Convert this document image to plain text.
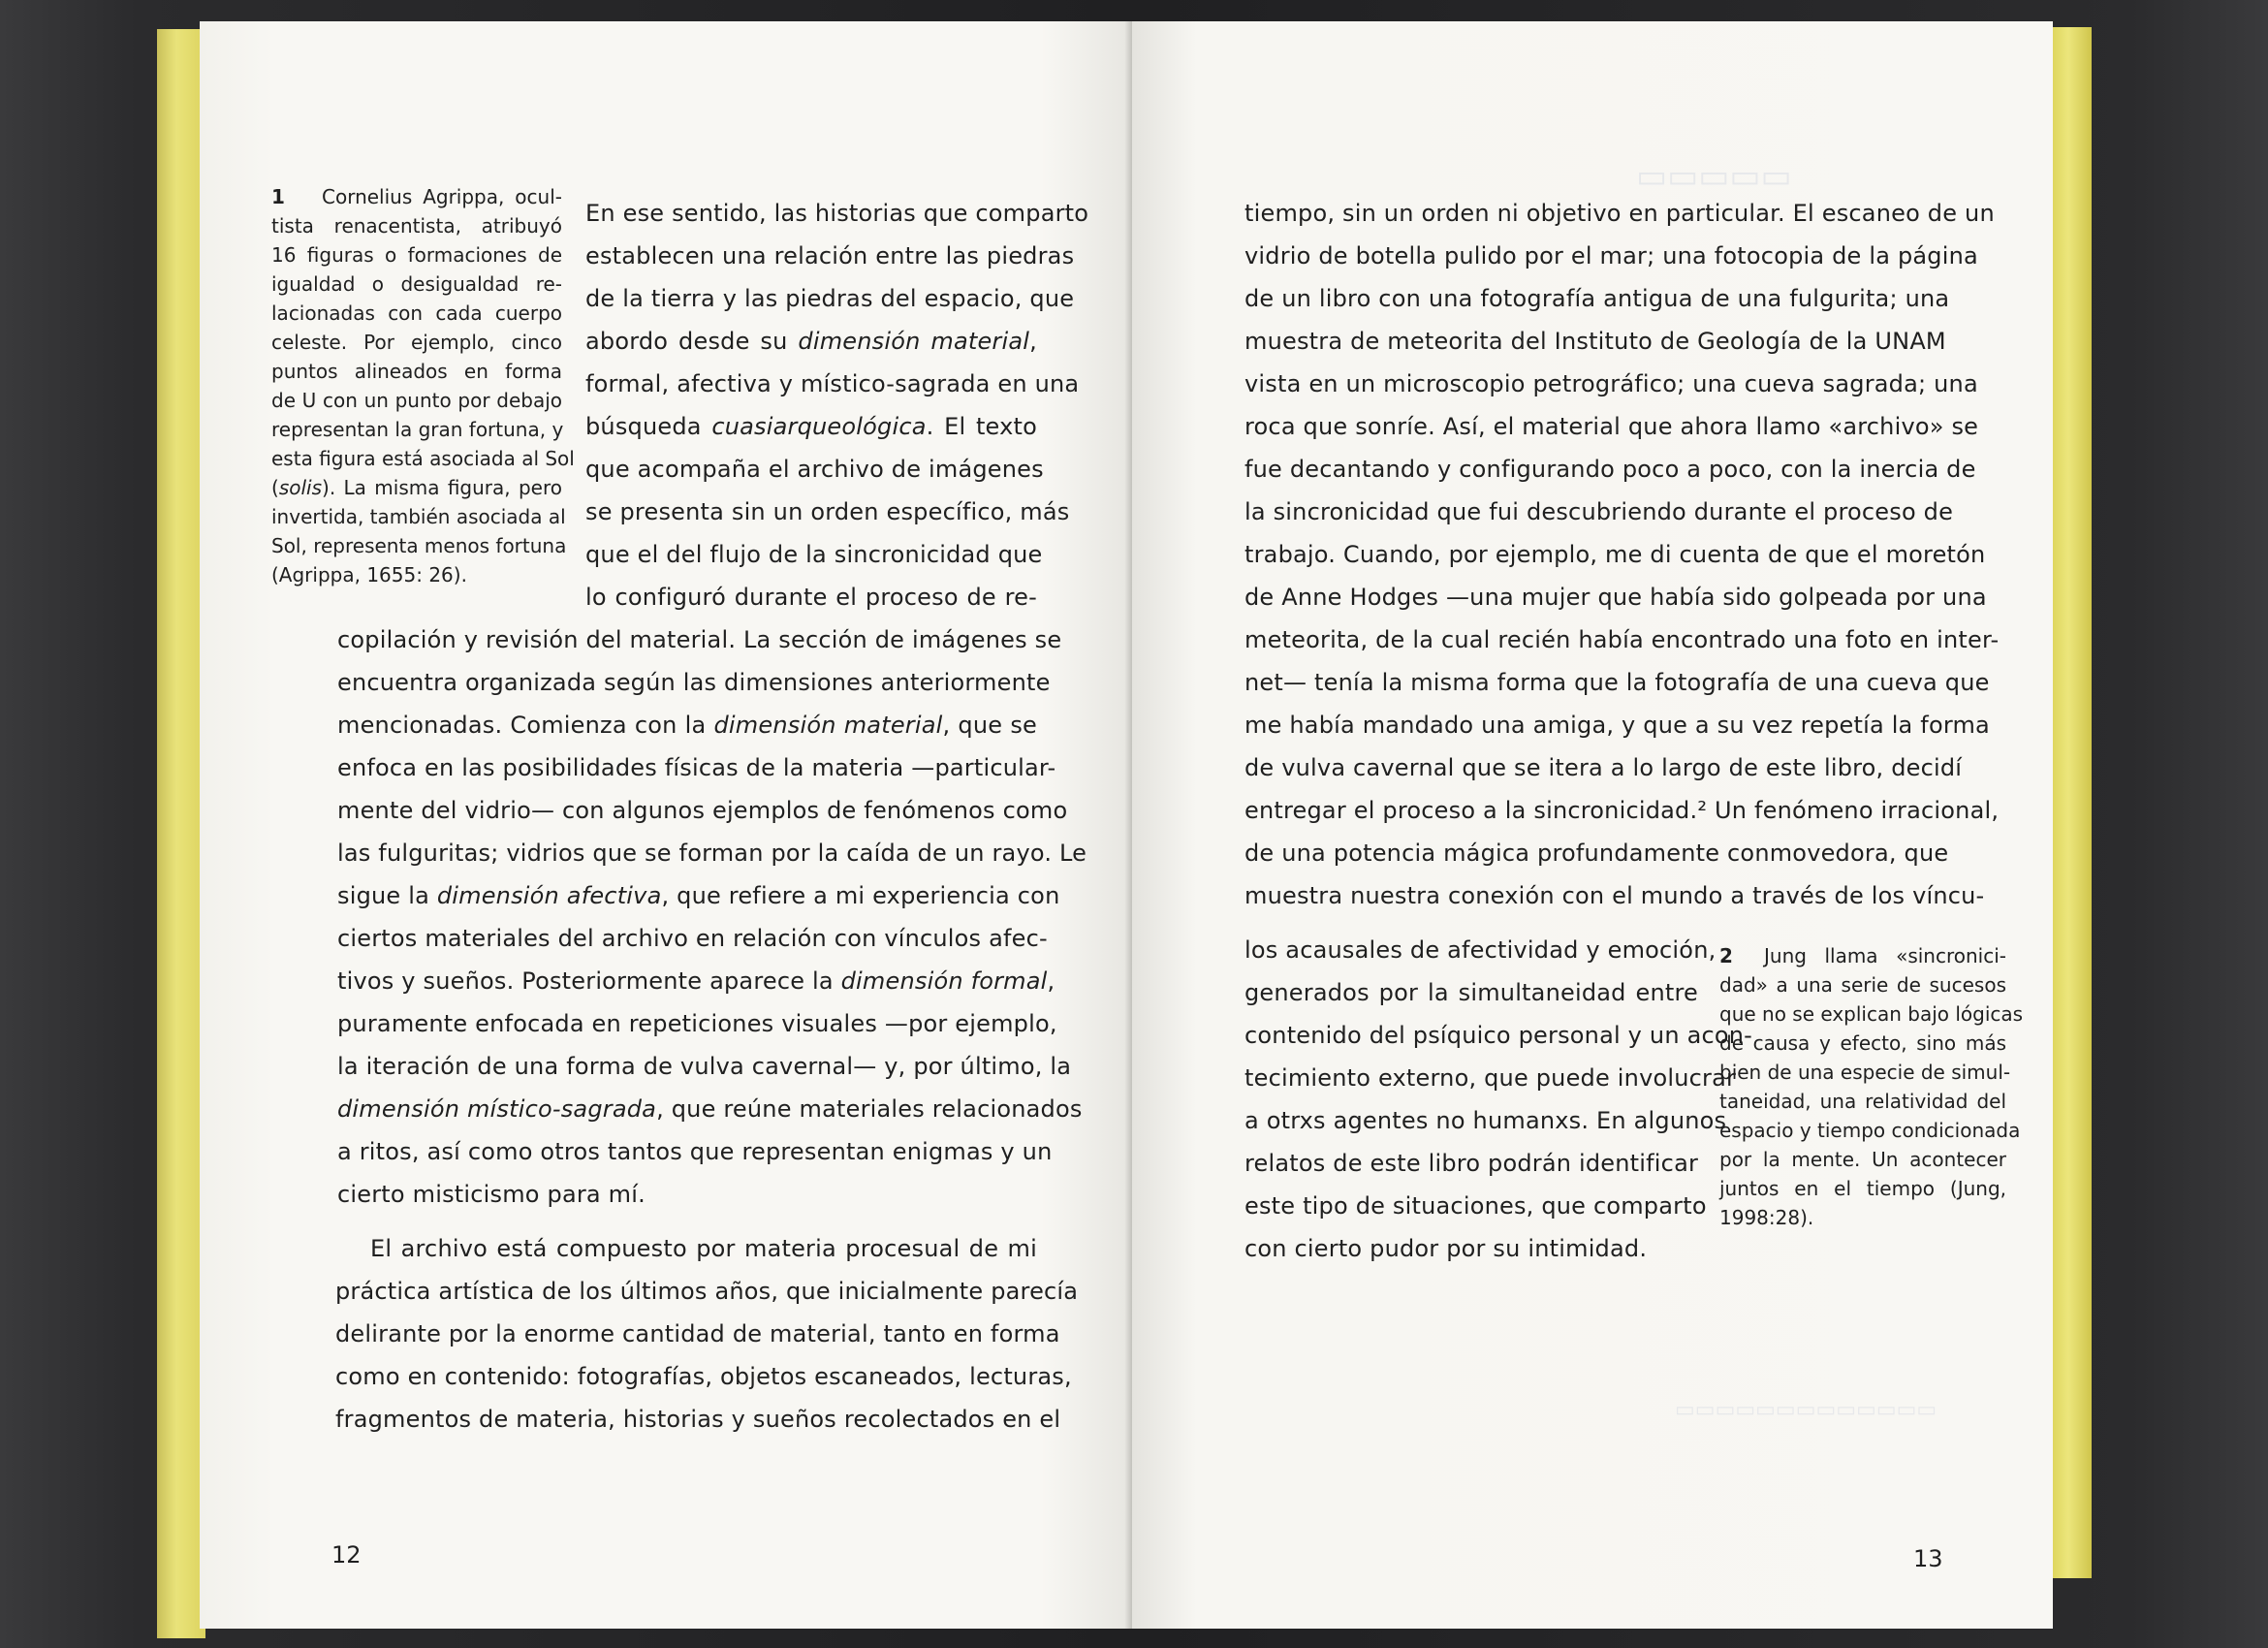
1 Cornelius Agrippa, ocul-
tista renacentista, atribuyó
16 figuras o formaciones de
igualdad o desigualdad re-
lacionadas con cada cuerpo
celeste. Por ejemplo, cinco
puntos alineados en forma
de U con un punto por debajo
representan la gran fortuna, y
esta figura está asociada al Sol
(solis). La misma figura, pero
invertida, también asociada al
Sol, representa menos fortuna
(Agrippa, 1655: 26).
En ese sentido, las historias que comparto
establecen una relación entre las piedras
de la tierra y las piedras del espacio, que
abordo desde su dimensión material,
formal, afectiva y místico-sagrada en una
búsqueda cuasiarqueológica. El texto
que acompaña el archivo de imágenes
se presenta sin un orden específico, más
que el del flujo de la sincronicidad que
lo configuró durante el proceso de re-
copilación y revisión del material. La sección de imágenes se
encuentra organizada según las dimensiones anteriormente
mencionadas. Comienza con la dimensión material, que se
enfoca en las posibilidades físicas de la materia —particular-
mente del vidrio— con algunos ejemplos de fenómenos como
las fulguritas; vidrios que se forman por la caída de un rayo. Le
sigue la dimensión afectiva, que refiere a mi experiencia con
ciertos materiales del archivo en relación con vínculos afec-
tivos y sueños. Posteriormente aparece la dimensión formal,
puramente enfocada en repeticiones visuales —por ejemplo,
la iteración de una forma de vulva cavernal— y, por último, la
dimensión místico-sagrada, que reúne materiales relacionados
a ritos, así como otros tantos que representan enigmas y un
cierto misticismo para mí.
El archivo está compuesto por materia procesual de mi
práctica artística de los últimos años, que inicialmente parecía
delirante por la enorme cantidad de material, tanto en forma
como en contenido: fotografías, objetos escaneados, lecturas,
fragmentos de materia, historias y sueños recolectados en el
12
tiempo, sin un orden ni objetivo en particular. El escaneo de un
vidrio de botella pulido por el mar; una fotocopia de la página
de un libro con una fotografía antigua de una fulgurita; una
muestra de meteorita del Instituto de Geología de la UNAM
vista en un microscopio petrográfico; una cueva sagrada; una
roca que sonríe. Así, el material que ahora llamo «archivo» se
fue decantando y configurando poco a poco, con la inercia de
la sincronicidad que fui descubriendo durante el proceso de
trabajo. Cuando, por ejemplo, me di cuenta de que el moretón
de Anne Hodges —una mujer que había sido golpeada por una
meteorita, de la cual recién había encontrado una foto en inter-
net— tenía la misma forma que la fotografía de una cueva que
me había mandado una amiga, y que a su vez repetía la forma
de vulva cavernal que se itera a lo largo de este libro, decidí
entregar el proceso a la sincronicidad.² Un fenómeno irracional,
de una potencia mágica profundamente conmovedora, que
muestra nuestra conexión con el mundo a través de los víncu-
los acausales de afectividad y emoción,
generados por la simultaneidad entre
contenido del psíquico personal y un acon-
tecimiento externo, que puede involucrar
a otrxs agentes no humanxs. En algunos
relatos de este libro podrán identificar
este tipo de situaciones, que comparto
con cierto pudor por su intimidad.
2 Jung llama «sincronici-
dad» a una serie de sucesos
que no se explican bajo lógicas
de causa y efecto, sino más
bien de una especie de simul-
taneidad, una relatividad del
espacio y tiempo condicionada
por la mente. Un acontecer
juntos en el tiempo (Jung,
1998:28).
▭▭▭▭▭
▭▭▭▭▭▭▭▭▭▭▭▭▭
13
